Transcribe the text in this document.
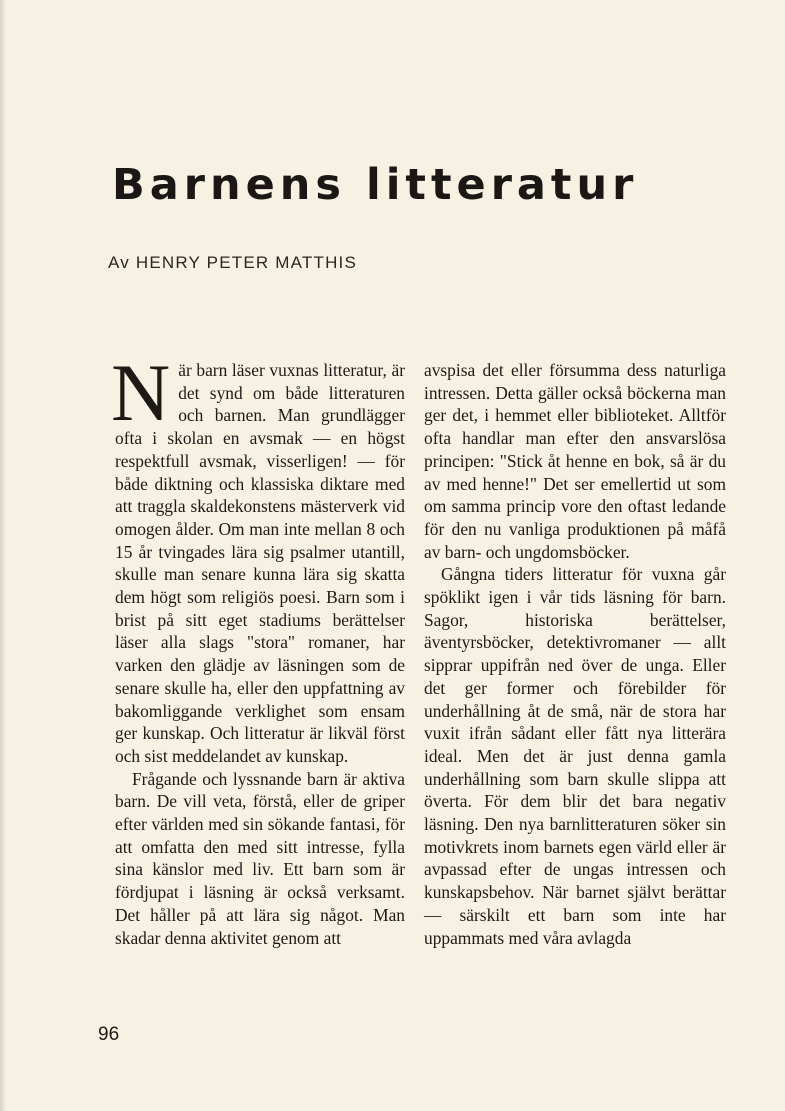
Barnens litteratur
Av HENRY PETER MATTHIS

När barn läser vuxnas litteratur, är det synd om både litteraturen och barnen. Man grundlägger ofta i skolan en avsmak — en högst respektfull avsmak, visserligen! — för både diktning och klassiska diktare med att traggla skaldekonstens mästerverk vid omogen ålder. Om man inte mellan 8 och 15 år tvingades lära sig psalmer utantill, skulle man senare kunna lära sig skatta dem högt som religiös poesi. Barn som i brist på sitt eget stadiums berättelser läser alla slags "stora" romaner, har varken den glädje av läsningen som de senare skulle ha, eller den uppfattning av bakomliggande verklighet som ensam ger kunskap. Och litteratur är likväl först och sist meddelandet av kunskap.

Frågande och lyssnande barn är aktiva barn. De vill veta, förstå, eller de griper efter världen med sin sökande fantasi, för att omfatta den med sitt intresse, fylla sina känslor med liv. Ett barn som är fördjupat i läsning är också verksamt. Det håller på att lära sig något. Man skadar denna aktivitet genom att

avspisa det eller försumma dess naturliga intressen. Detta gäller också böckerna man ger det, i hemmet eller biblioteket. Alltför ofta handlar man efter den ansvarslösa principen: "Stick åt henne en bok, så är du av med henne!" Det ser emellertid ut som om samma princip vore den oftast ledande för den nu vanliga produktionen på måfå av barn- och ungdomsböcker.

Gångna tiders litteratur för vuxna går spöklikt igen i vår tids läsning för barn. Sagor, historiska berättelser, äventyrsböcker, detektivromaner — allt sipprar uppifrån ned över de unga. Eller det ger former och förebilder för underhållning åt de små, när de stora har vuxit ifrån sådant eller fått nya litterära ideal. Men det är just denna gamla underhållning som barn skulle slippa att överta. För dem blir det bara negativ läsning. Den nya barnlitteraturen söker sin motivkrets inom barnets egen värld eller är avpassad efter de ungas intressen och kunskapsbehov. När barnet självt berättar — särskilt ett barn som inte har uppammats med våra avlagda

96
